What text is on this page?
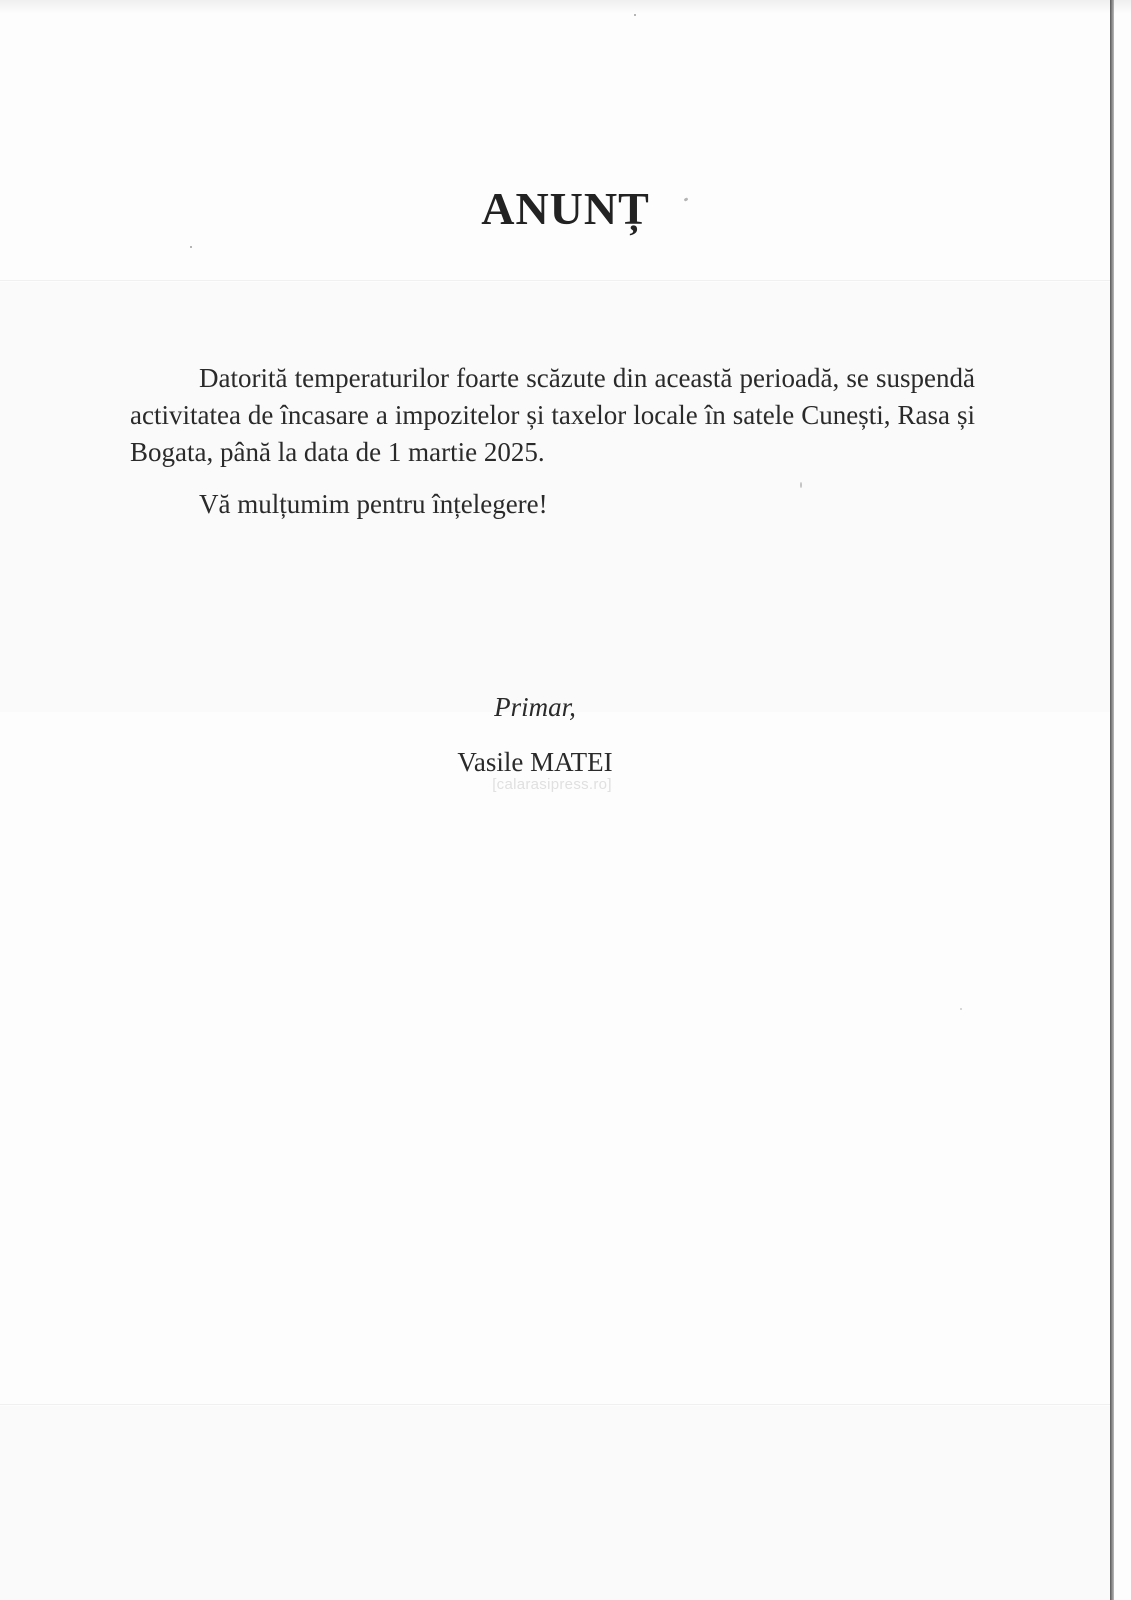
ANUNȚ

Datorită temperaturilor foarte scăzute din această perioadă, se suspendă activitatea de încasare a impozitelor și taxelor locale în satele Cunești, Rasa și Bogata, până la data de 1 martie 2025.

Vă mulțumim pentru înțelegere!

Primar,

Vasile MATEI

[calarasipress.ro]
